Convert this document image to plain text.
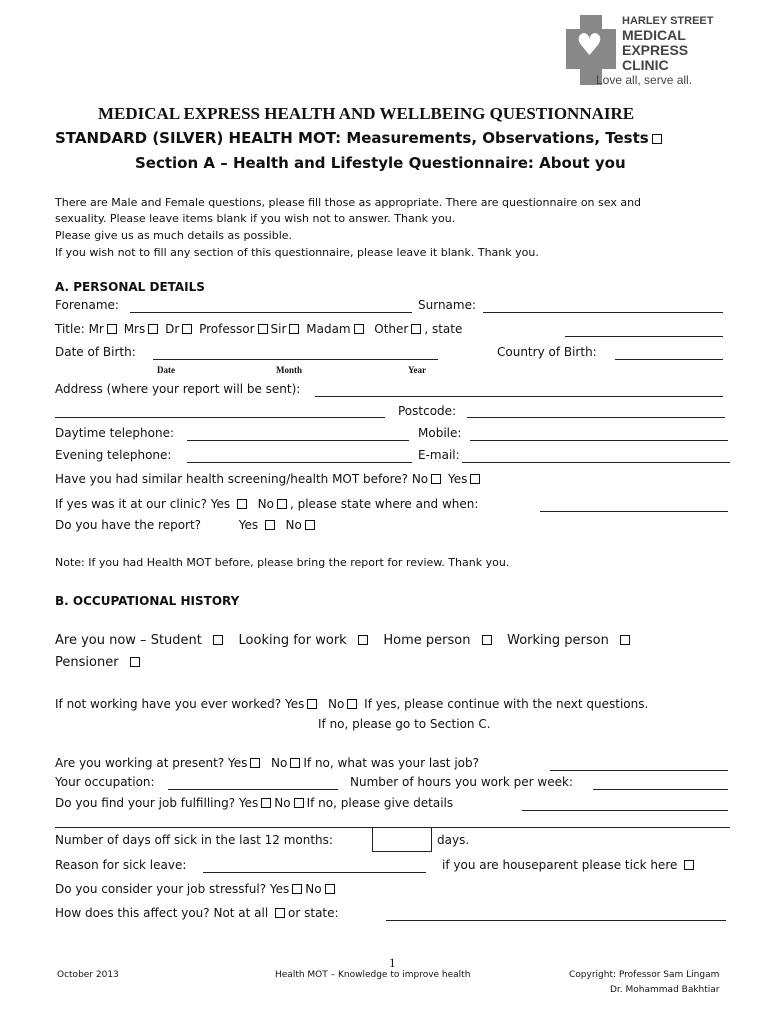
♥
HARLEY STREET
MEDICAL
EXPRESS
CLINIC
Love all, serve all.
MEDICAL EXPRESS HEALTH AND WELLBEING QUESTIONNAIRE
STANDARD (SILVER) HEALTH MOT: Measurements, Observations, Tests
Section A – Health and Lifestyle Questionnaire: About you
There are Male and Female questions, please fill those as appropriate. There are questionnaire on sex and
sexuality. Please leave items blank if you wish not to answer. Thank you.
Please give us as much details as possible.
If you wish not to fill any section of this questionnaire, please leave it blank. Thank you.
A. PERSONAL DETAILS
Forename:	Surname:
Title: Mr Mrs Dr Professor Sir Madam Other , state
Date of Birth:	Country of Birth:
Date	Month	Year
Address (where your report will be sent):
Postcode:
Daytime telephone:	Mobile:
Evening telephone:	E-mail:
Have you had similar health screening/health MOT before? No Yes
If yes was it at our clinic? Yes No , please state where and when:
Do you have the report?	Yes No
Note: If you had Health MOT before, please bring the report for review. Thank you.
B. OCCUPATIONAL HISTORY
Are you now – Student	Looking for work	Home person	Working person
Pensioner
If not working have you ever worked? Yes No If yes, please continue with the next questions.
If no, please go to Section C.
Are you working at present? Yes No If no, what was your last job?
Your occupation:	Number of hours you work per week:
Do you find your job fulfilling? Yes No If no, please give details
Number of days off sick in the last 12 months:	days.
Reason for sick leave:	if you are houseparent please tick here
Do you consider your job stressful? Yes No
How does this affect you? Not at all or state:
1
October 2013	Health MOT – Knowledge to improve health	Copyright: Professor Sam Lingam
Dr. Mohammad Bakhtiar
